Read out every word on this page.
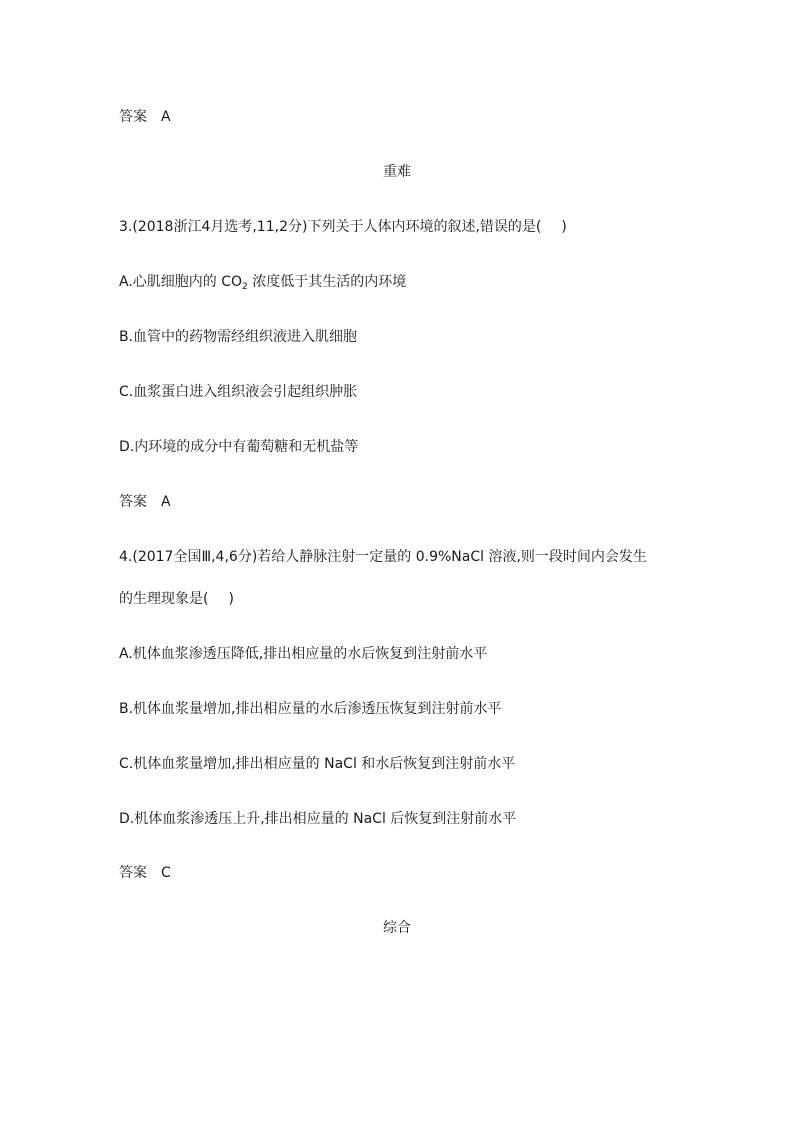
答案 A
重难
3.(2018浙江4月选考,11,2分)下列关于人体内环境的叙述,错误的是( )
A.心肌细胞内的 $CO_2$ 浓度低于其生活的内环境
B.血管中的药物需经组织液进入肌细胞
C.血浆蛋白进入组织液会引起组织肿胀
D.内环境的成分中有葡萄糖和无机盐等
答案 A
4.(2017全国Ⅲ,4,6分)若给人静脉注射一定量的 0.9%NaCl 溶液,则一段时间内会发生
的生理现象是( )
A.机体血浆渗透压降低,排出相应量的水后恢复到注射前水平
B.机体血浆量增加,排出相应量的水后渗透压恢复到注射前水平
C.机体血浆量增加,排出相应量的 NaCl 和水后恢复到注射前水平
D.机体血浆渗透压上升,排出相应量的 NaCl 后恢复到注射前水平
答案 C
综合
